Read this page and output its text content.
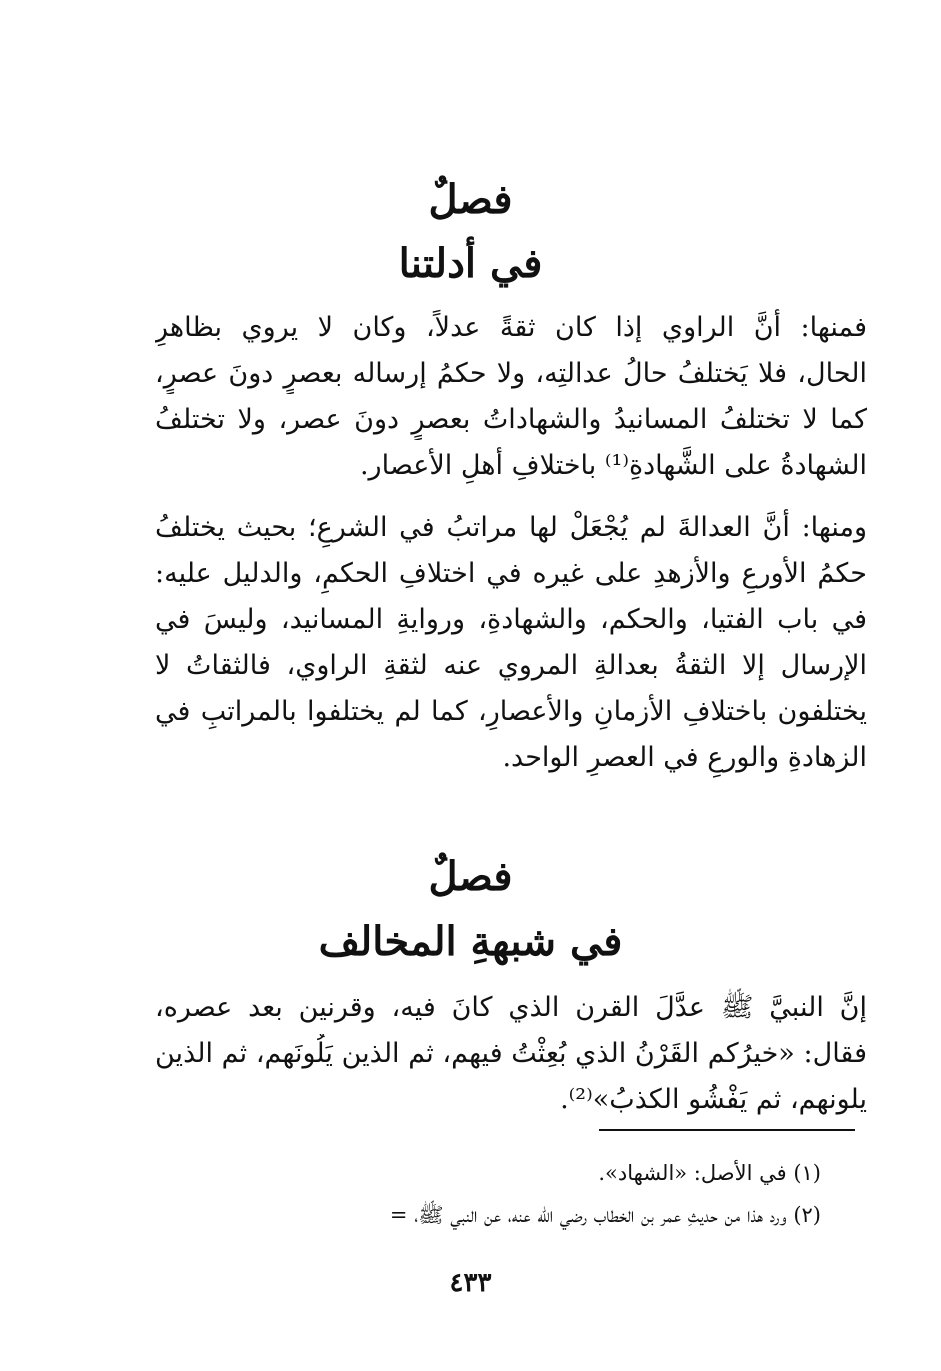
فصلٌ
في أدلتنا
فمنها: أنَّ الراوي إذا كان ثقةً عدلاً، وكان لا يروي بظاهرِ
الحال، فلا يَختلفُ حالُ عدالتِه، ولا حكمُ إرساله بعصرٍ دونَ عصرٍ،
كما لا تختلفُ المسانيدُ والشهاداتُ بعصرٍ دونَ عصر، ولا تختلفُ
الشهادةُ على الشَّهادةِ⁽¹⁾ باختلافِ أهلِ الأعصار.
ومنها: أنَّ العدالةَ لم يُجْعَلْ لها مراتبُ في الشرعِ؛ بحيث يختلفُ
حكمُ الأورعِ والأزهدِ على غيره في اختلافِ الحكمِ، والدليل عليه:
في باب الفتيا، والحكم، والشهادةِ، وروايةِ المسانيد، وليسَ في
الإرسال إلا الثقةُ بعدالةِ المروي عنه لثقةِ الراوي، فالثقاتُ لا
يختلفون باختلافِ الأزمانِ والأعصارِ، كما لم يختلفوا بالمراتبِ في
الزهادةِ والورعِ في العصرِ الواحد.
فصلٌ
في شبهةِ المخالف
إنَّ النبيَّ ﷺ عدَّلَ القرن الذي كانَ فيه، وقرنين بعد عصره،
فقال: «خيرُكم القَرْنُ الذي بُعِثْتُ فيهم، ثم الذين يَلُونَهم، ثم الذين
يلونهم، ثم يَفْشُو الكذبُ»⁽²⁾.
(١) في الأصل: «الشهاد».
(٢) ورد هذا من حديثِ عمر بن الخطاب رضي الله عنه، عن النبي ﷺ، =
٤٣٣
